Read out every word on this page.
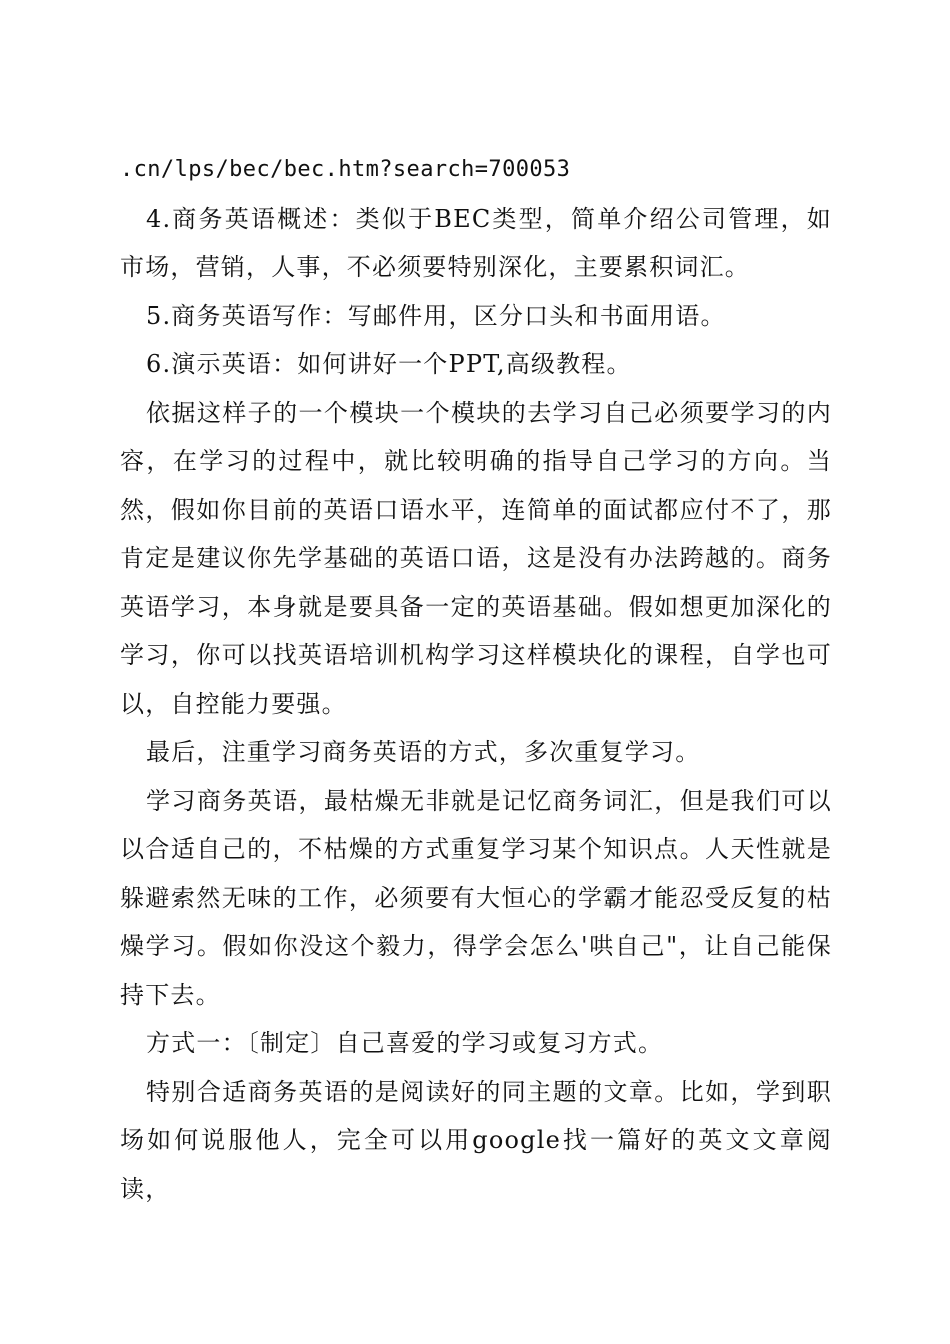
.cn/lps/bec/bec.htm?search=700053

4.商务英语概述：类似于BEC类型，简单介绍公司管理，如市场，营销，人事，不必须要特别深化，主要累积词汇。

5.商务英语写作：写邮件用，区分口头和书面用语。

6.演示英语：如何讲好一个PPT,高级教程。

依据这样子的一个模块一个模块的去学习自己必须要学习的内容，在学习的过程中，就比较明确的指导自己学习的方向。当然，假如你目前的英语口语水平，连简单的面试都应付不了，那肯定是建议你先学基础的英语口语，这是没有办法跨越的。商务英语学习，本身就是要具备一定的英语基础。假如想更加深化的学习，你可以找英语培训机构学习这样模块化的课程，自学也可以，自控能力要强。

最后，注重学习商务英语的方式，多次重复学习。

学习商务英语，最枯燥无非就是记忆商务词汇，但是我们可以以合适自己的，不枯燥的方式重复学习某个知识点。人天性就是躲避索然无味的工作，必须要有大恒心的学霸才能忍受反复的枯燥学习。假如你没这个毅力，得学会怎么'哄自己"，让自己能保持下去。

方式一：〔制定〕自己喜爱的学习或复习方式。

特别合适商务英语的是阅读好的同主题的文章。比如，学到职场如何说服他人，完全可以用google找一篇好的英文文章阅读，
